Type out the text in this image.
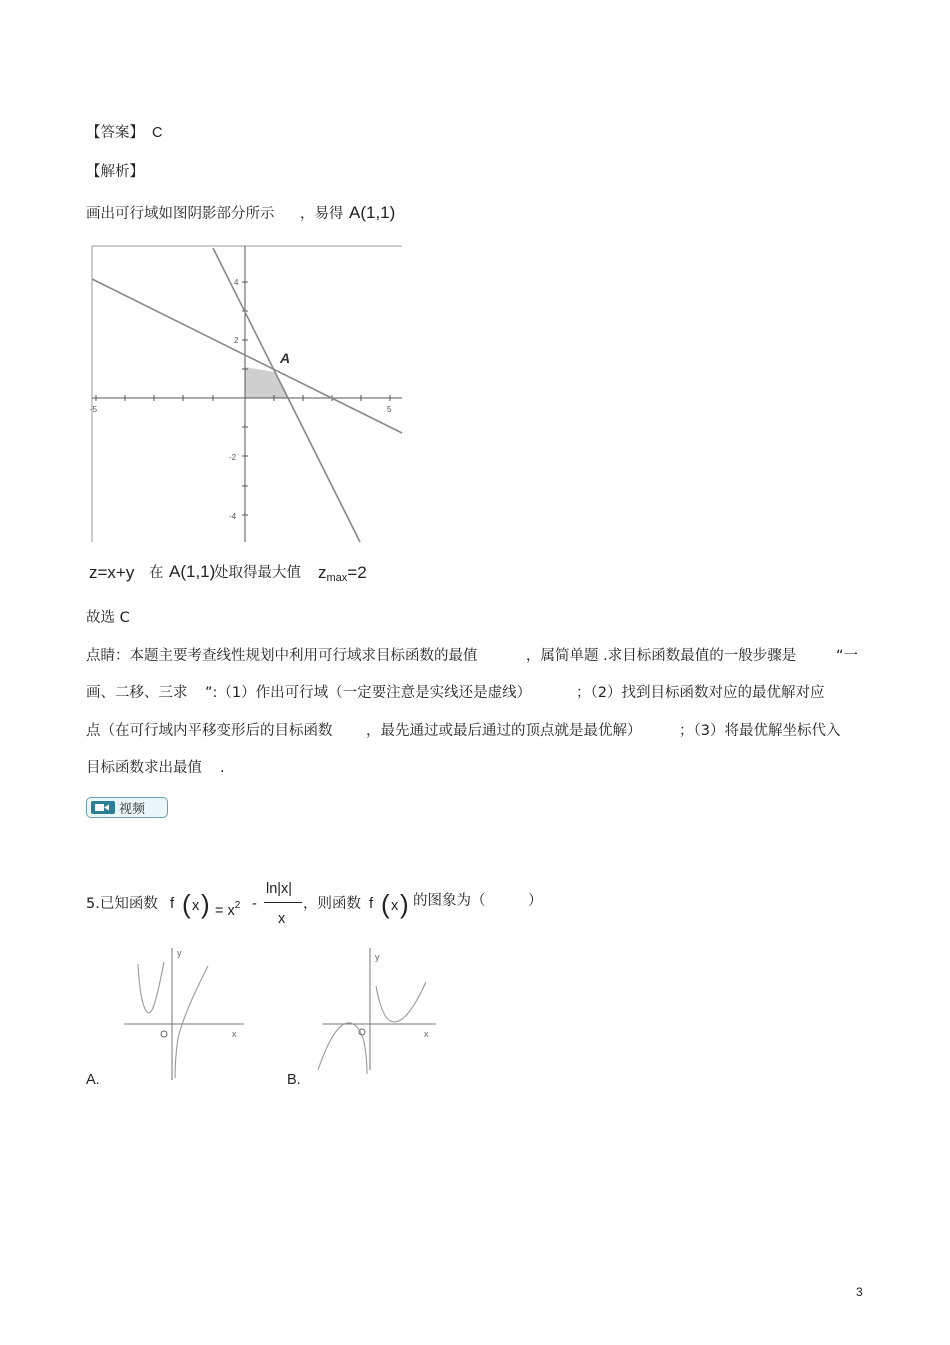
【答案】 C
【解析】
画出可行域如图阴影部分所示 ，易得 A(1,1)
-5	5
4
2
-2
-4
A
z=x+y 在 A(1,1)
处取得最大值 $z_{max}=2$
故选 C
点睛：本题主要考查线性规划中利用可行域求目标函数的最值	，属简单题 .求目标函数最值的一般步骤是	“一
画、二移、三求 ”:（1）作出可行域（一定要注意是实线还是虚线）	；（2）找到目标函数对应的最优解对应
点（在可行域内平移变形后的目标函数 ，最先通过或最后通过的顶点就是最优解）	；（3）将最优解坐标代入
目标函数求出最值 .
视频
5.已知函数 f ( x ) = $x^2$ -
ln|x|
x
，则函数 f ( x ) 的图象为（	）
y
x
A.
y
x
B.
3
